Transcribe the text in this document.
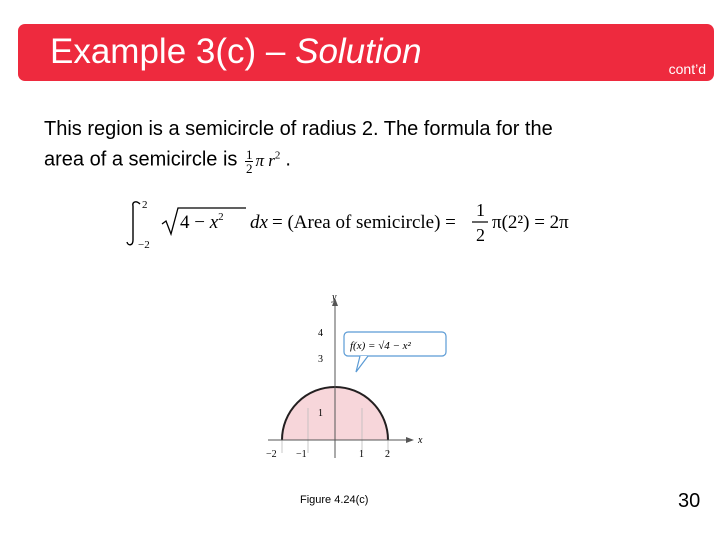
Example 3(c) – Solution	cont’d
This region is a semicircle of radius 2. The formula for the
area of a semicircle is $\frac{1}{2}$ π $r^2$ .
2
−2
$4 - x^2$ dx = (Area of semicircle) =
1
2
π(2²) = 2π
y
x
4
3
1
−2 −1	1 2
f(x) = √4 − x²
Figure 4.24(c)	30
